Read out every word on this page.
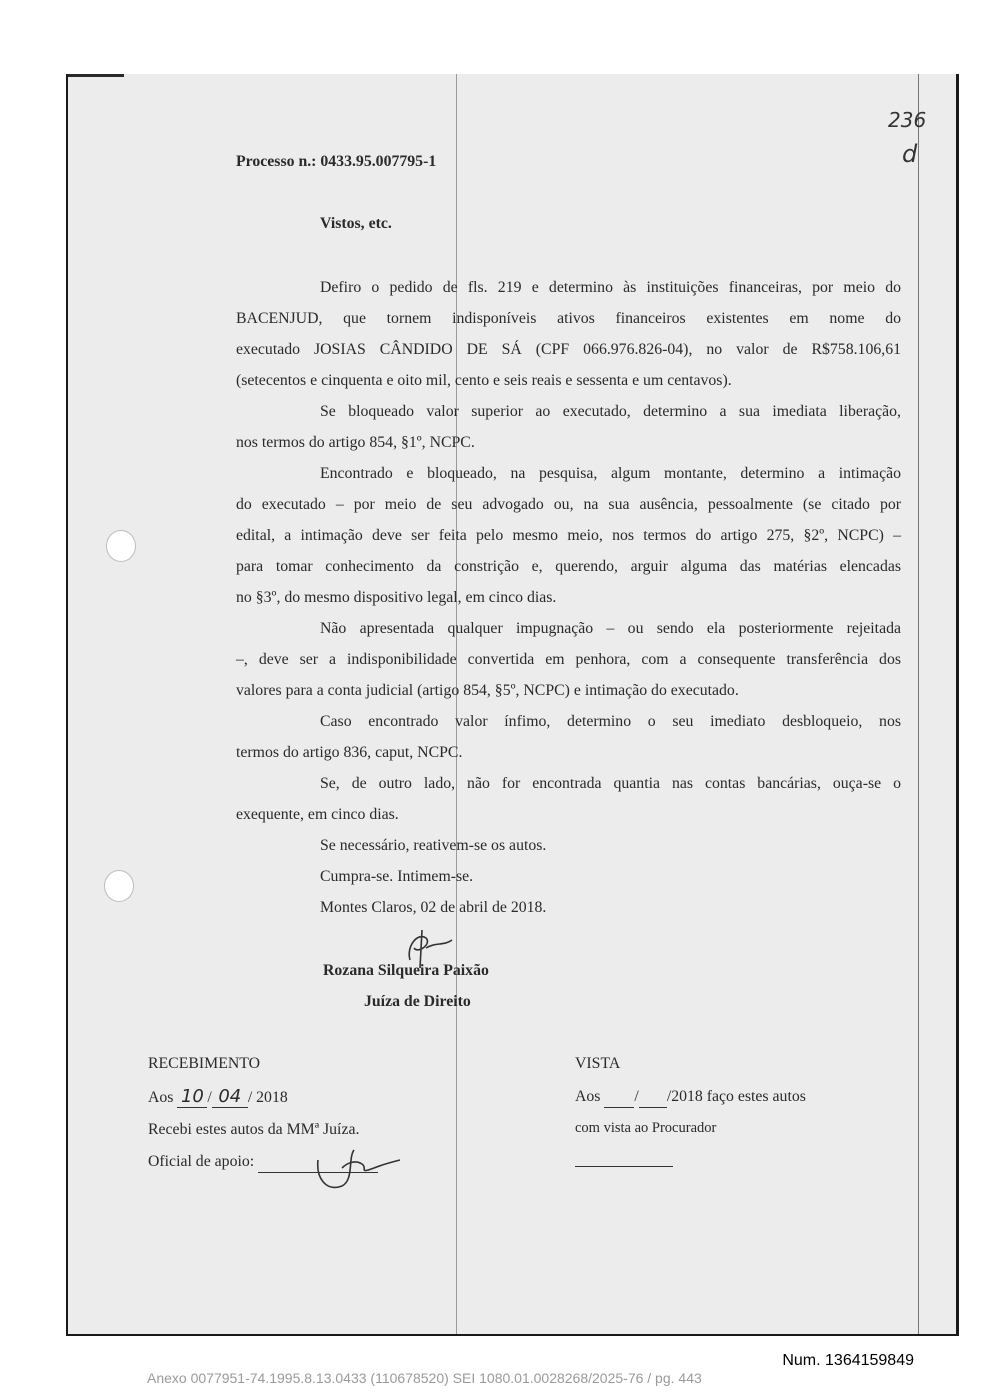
236
d
Processo n.: 0433.95.007795-1
Vistos, etc.
Defiro o pedido de fls. 219 e determino às instituições financeiras, por meio do
BACENJUD, que tornem indisponíveis ativos financeiros existentes em nome do
executado JOSIAS CÂNDIDO DE SÁ (CPF 066.976.826-04), no valor de R$758.106,61
(setecentos e cinquenta e oito mil, cento e seis reais e sessenta e um centavos).
Se bloqueado valor superior ao executado, determino a sua imediata liberação,
nos termos do artigo 854, §1º, NCPC.
Encontrado e bloqueado, na pesquisa, algum montante, determino a intimação
do executado – por meio de seu advogado ou, na sua ausência, pessoalmente (se citado por
edital, a intimação deve ser feita pelo mesmo meio, nos termos do artigo 275, §2º, NCPC) –
para tomar conhecimento da constrição e, querendo, arguir alguma das matérias elencadas
no §3º, do mesmo dispositivo legal, em cinco dias.
Não apresentada qualquer impugnação – ou sendo ela posteriormente rejeitada
–, deve ser a indisponibilidade convertida em penhora, com a consequente transferência dos
valores para a conta judicial (artigo 854, §5º, NCPC) e intimação do executado.
Caso encontrado valor ínfimo, determino o seu imediato desbloqueio, nos
termos do artigo 836, caput, NCPC.
Se, de outro lado, não for encontrada quantia nas contas bancárias, ouça-se o
exequente, em cinco dias.
Se necessário, reativem-se os autos.
Cumpra-se. Intimem-se.
Montes Claros, 02 de abril de 2018.
Rozana Silqueira Paixão
Juíza de Direito
RECEBIMENTO
Aos 10 / 04 / 2018
Recebi estes autos da MMª Juíza.
Oficial de apoio:
VISTA
Aos / /2018 faço estes autos
com vista ao Procurador
Num. 1364159849
Anexo 0077951-74.1995.8.13.0433 (110678520) SEI 1080.01.0028268/2025-76 / pg. 443
